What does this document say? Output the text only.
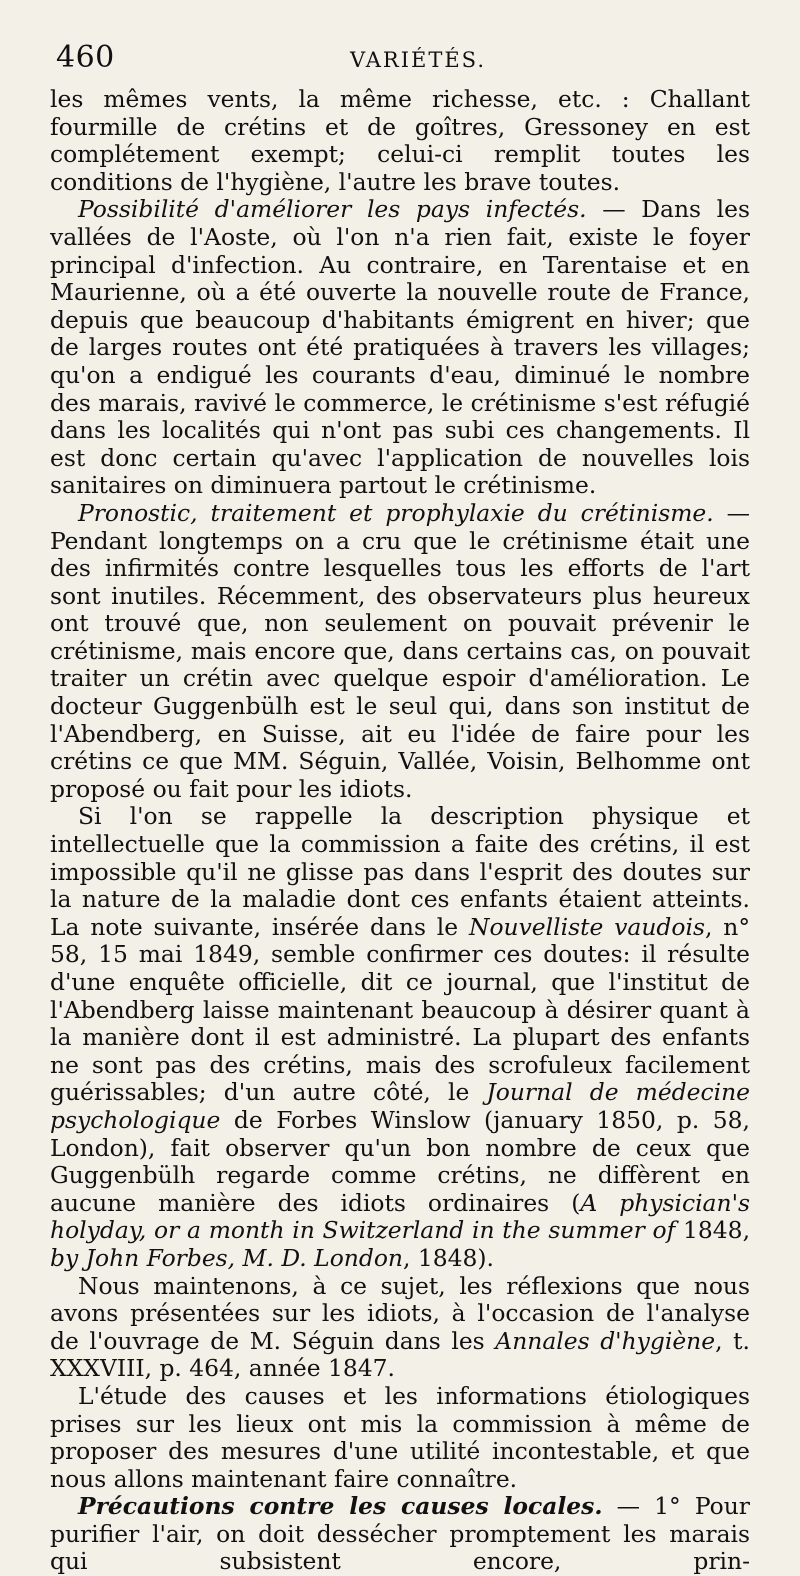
460	VARIÉTÉS.

les mêmes vents, la même richesse, etc. : Challant fourmille de crétins et de goîtres, Gressoney en est complétement exempt; celui-ci remplit toutes les conditions de l'hygiène, l'autre les brave toutes.

Possibilité d'améliorer les pays infectés. — Dans les vallées de l'Aoste, où l'on n'a rien fait, existe le foyer principal d'infection. Au contraire, en Tarentaise et en Maurienne, où a été ouverte la nouvelle route de France, depuis que beaucoup d'habitants émigrent en hiver; que de larges routes ont été pratiquées à travers les villages; qu'on a endigué les courants d'eau, diminué le nombre des marais, ravivé le commerce, le crétinisme s'est réfugié dans les localités qui n'ont pas subi ces changements. Il est donc certain qu'avec l'application de nouvelles lois sanitaires on diminuera partout le crétinisme.

Pronostic, traitement et prophylaxie du crétinisme. — Pendant longtemps on a cru que le crétinisme était une des infirmités contre lesquelles tous les efforts de l'art sont inutiles. Récemment, des observateurs plus heureux ont trouvé que, non seulement on pouvait prévenir le crétinisme, mais encore que, dans certains cas, on pouvait traiter un crétin avec quelque espoir d'amélioration. Le docteur Guggenbülh est le seul qui, dans son institut de l'Abendberg, en Suisse, ait eu l'idée de faire pour les crétins ce que MM. Séguin, Vallée, Voisin, Belhomme ont proposé ou fait pour les idiots.

Si l'on se rappelle la description physique et intellectuelle que la commission a faite des crétins, il est impossible qu'il ne glisse pas dans l'esprit des doutes sur la nature de la maladie dont ces enfants étaient atteints. La note suivante, insérée dans le Nouvelliste vaudois, n° 58, 15 mai 1849, semble confirmer ces doutes: il résulte d'une enquête officielle, dit ce journal, que l'institut de l'Abendberg laisse maintenant beaucoup à désirer quant à la manière dont il est administré. La plupart des enfants ne sont pas des crétins, mais des scrofuleux facilement guérissables; d'un autre côté, le Journal de médecine psychologique de Forbes Winslow (january 1850, p. 58, London), fait observer qu'un bon nombre de ceux que Guggenbülh regarde comme crétins, ne diffèrent en aucune manière des idiots ordinaires (A physician's holyday, or a month in Switzerland in the summer of 1848, by John Forbes, M. D. London, 1848).

Nous maintenons, à ce sujet, les réflexions que nous avons présentées sur les idiots, à l'occasion de l'analyse de l'ouvrage de M. Séguin dans les Annales d'hygiène, t. XXXVIII, p. 464, année 1847.

L'étude des causes et les informations étiologiques prises sur les lieux ont mis la commission à même de proposer des mesures d'une utilité incontestable, et que nous allons maintenant faire connaître.

Précautions contre les causes locales. — 1° Pour purifier l'air, on doit dessécher promptement les marais qui subsistent encore, prin-
